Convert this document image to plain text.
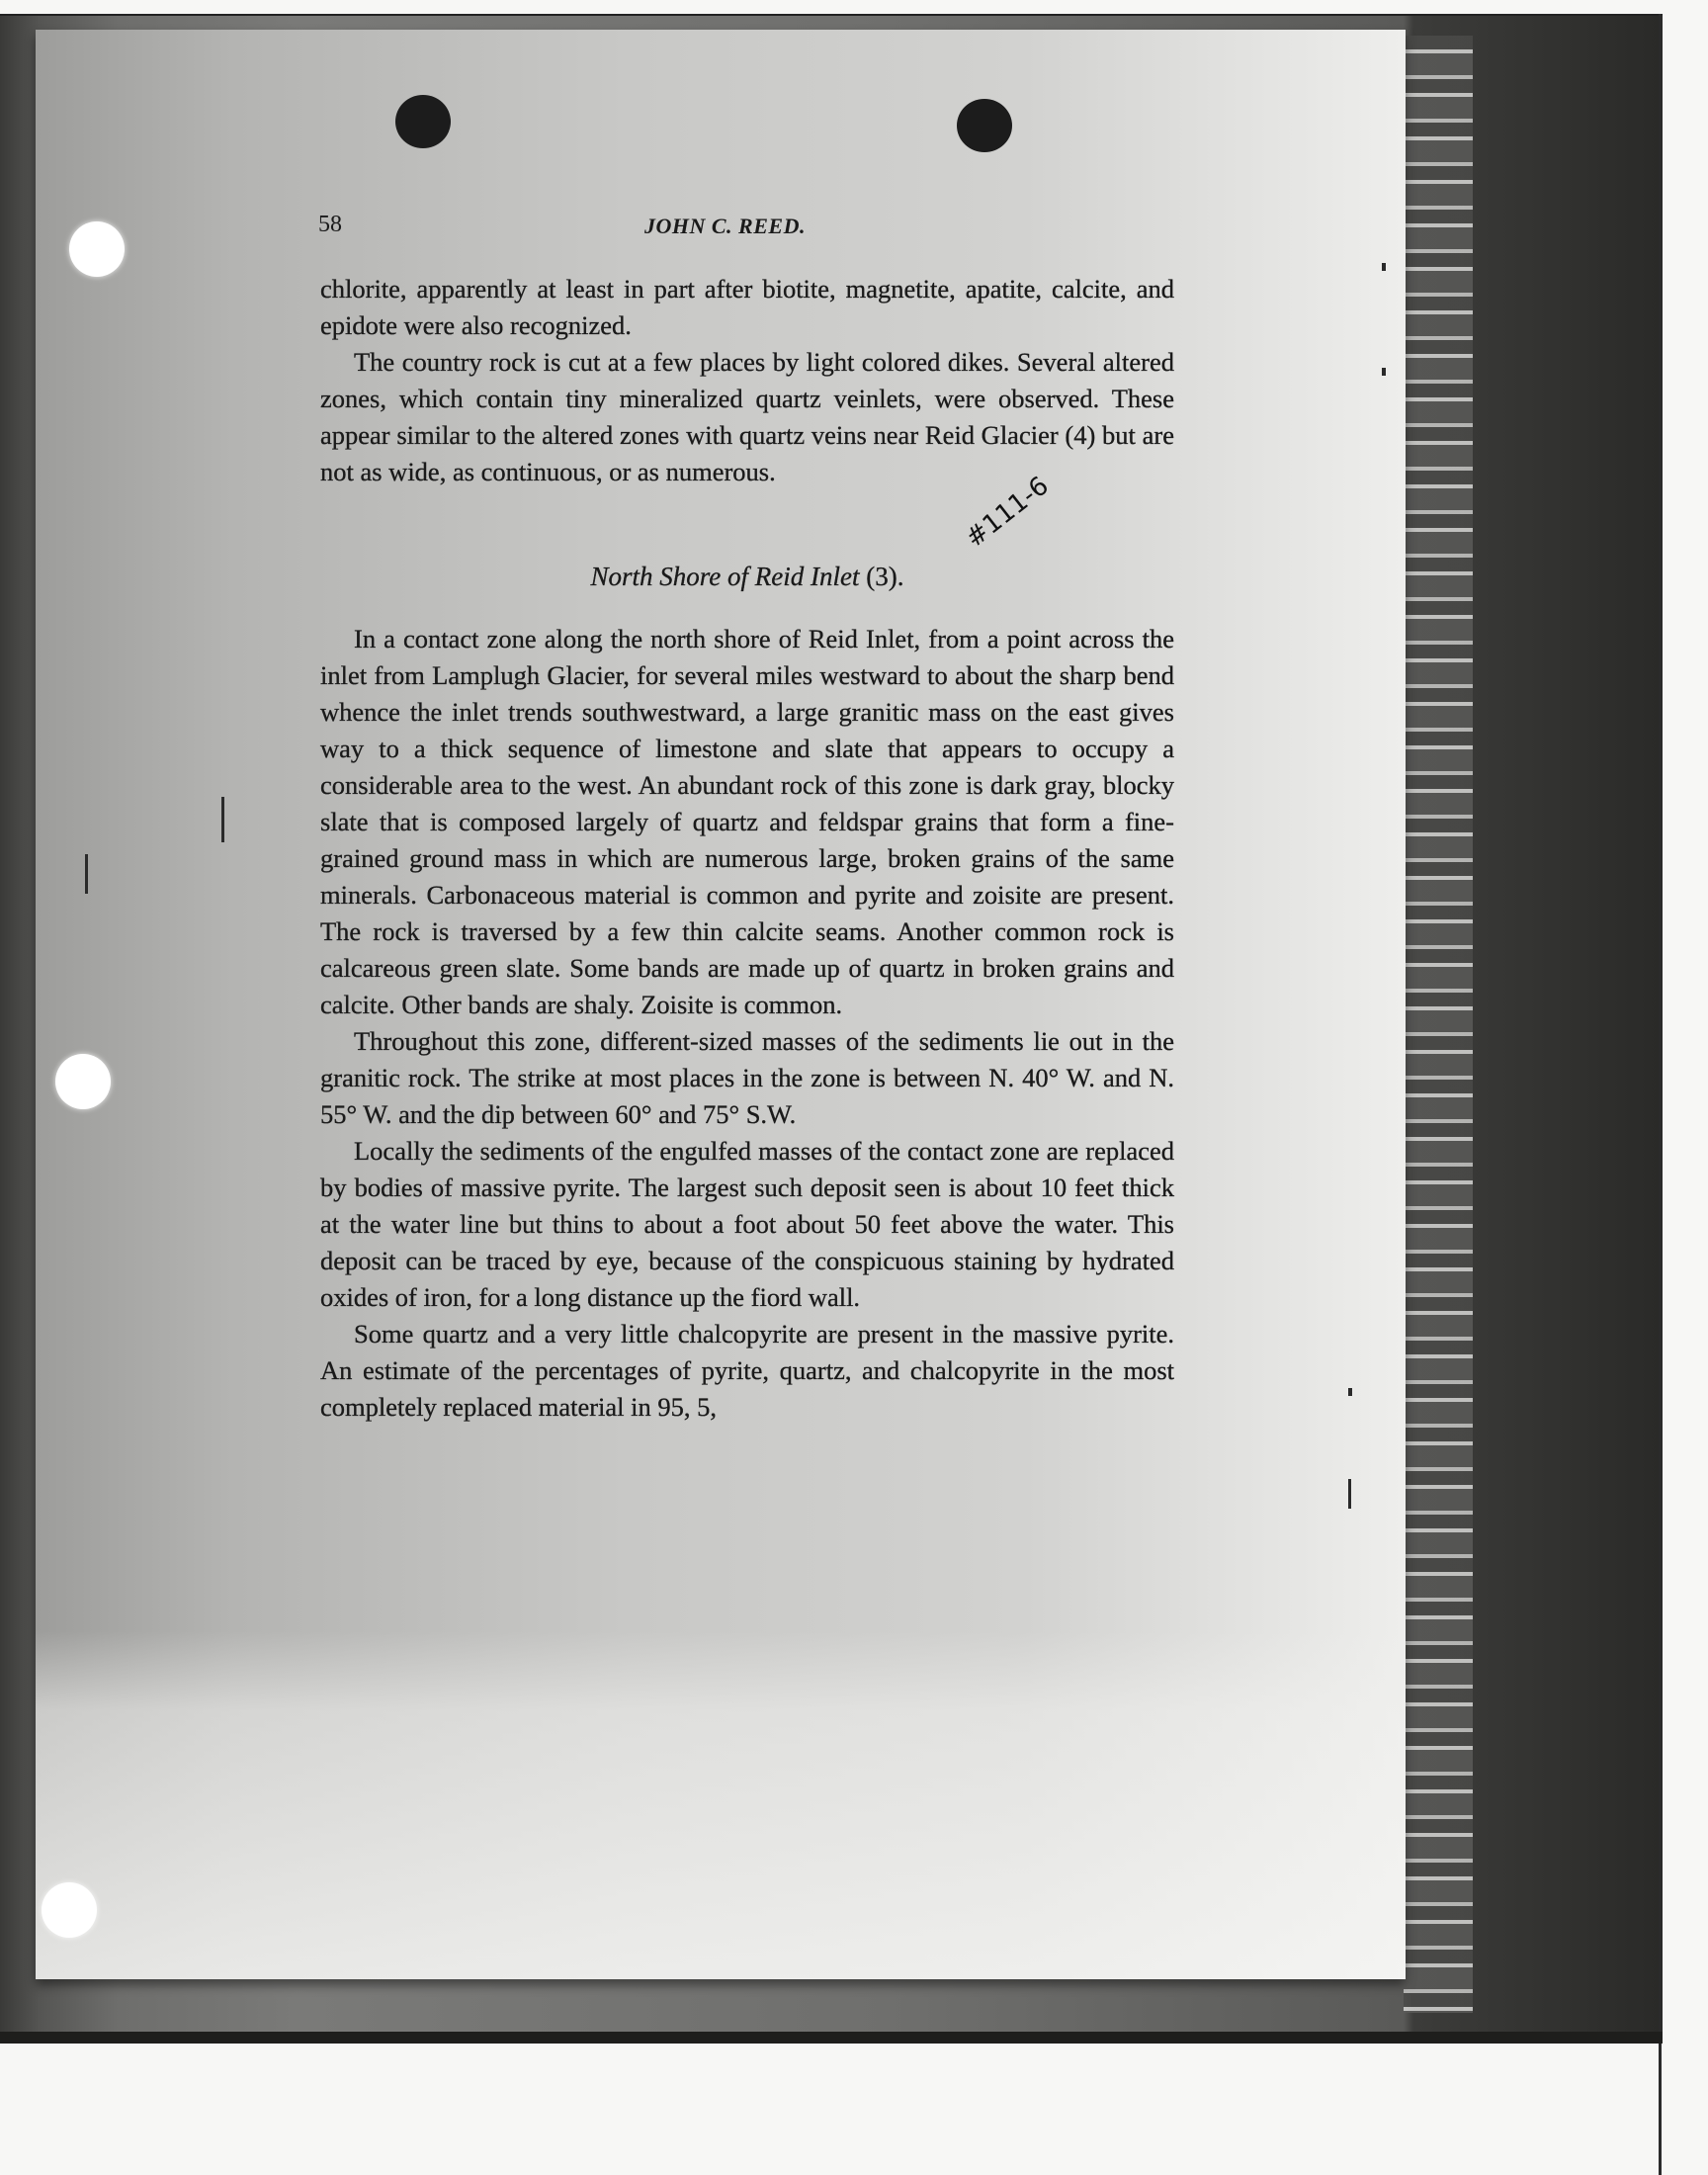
58	JOHN C. REED.

chlorite, apparently at least in part after biotite, magnetite, apatite, calcite, and epidote were also recognized.

The country rock is cut at a few places by light colored dikes. Several altered zones, which contain tiny mineralized quartz veinlets, were observed. These appear similar to the altered zones with quartz veins near Reid Glacier (4) but are not as wide, as continuous, or as numerous.

North Shore of Reid Inlet (3).
#111-6

In a contact zone along the north shore of Reid Inlet, from a point across the inlet from Lamplugh Glacier, for several miles westward to about the sharp bend whence the inlet trends southwestward, a large granitic mass on the east gives way to a thick sequence of limestone and slate that appears to occupy a considerable area to the west. An abundant rock of this zone is dark gray, blocky slate that is composed largely of quartz and feldspar grains that form a fine-grained ground mass in which are numerous large, broken grains of the same minerals. Carbonaceous material is common and pyrite and zoisite are present. The rock is traversed by a few thin calcite seams. Another common rock is calcareous green slate. Some bands are made up of quartz in broken grains and calcite. Other bands are shaly. Zoisite is common.

Throughout this zone, different-sized masses of the sediments lie out in the granitic rock. The strike at most places in the zone is between N. 40° W. and N. 55° W. and the dip between 60° and 75° S.W.

Locally the sediments of the engulfed masses of the contact zone are replaced by bodies of massive pyrite. The largest such deposit seen is about 10 feet thick at the water line but thins to about a foot about 50 feet above the water. This deposit can be traced by eye, because of the conspicuous staining by hydrated oxides of iron, for a long distance up the fiord wall.

Some quartz and a very little chalcopyrite are present in the massive pyrite. An estimate of the percentages of pyrite, quartz, and chalcopyrite in the most completely replaced material in 95, 5,
